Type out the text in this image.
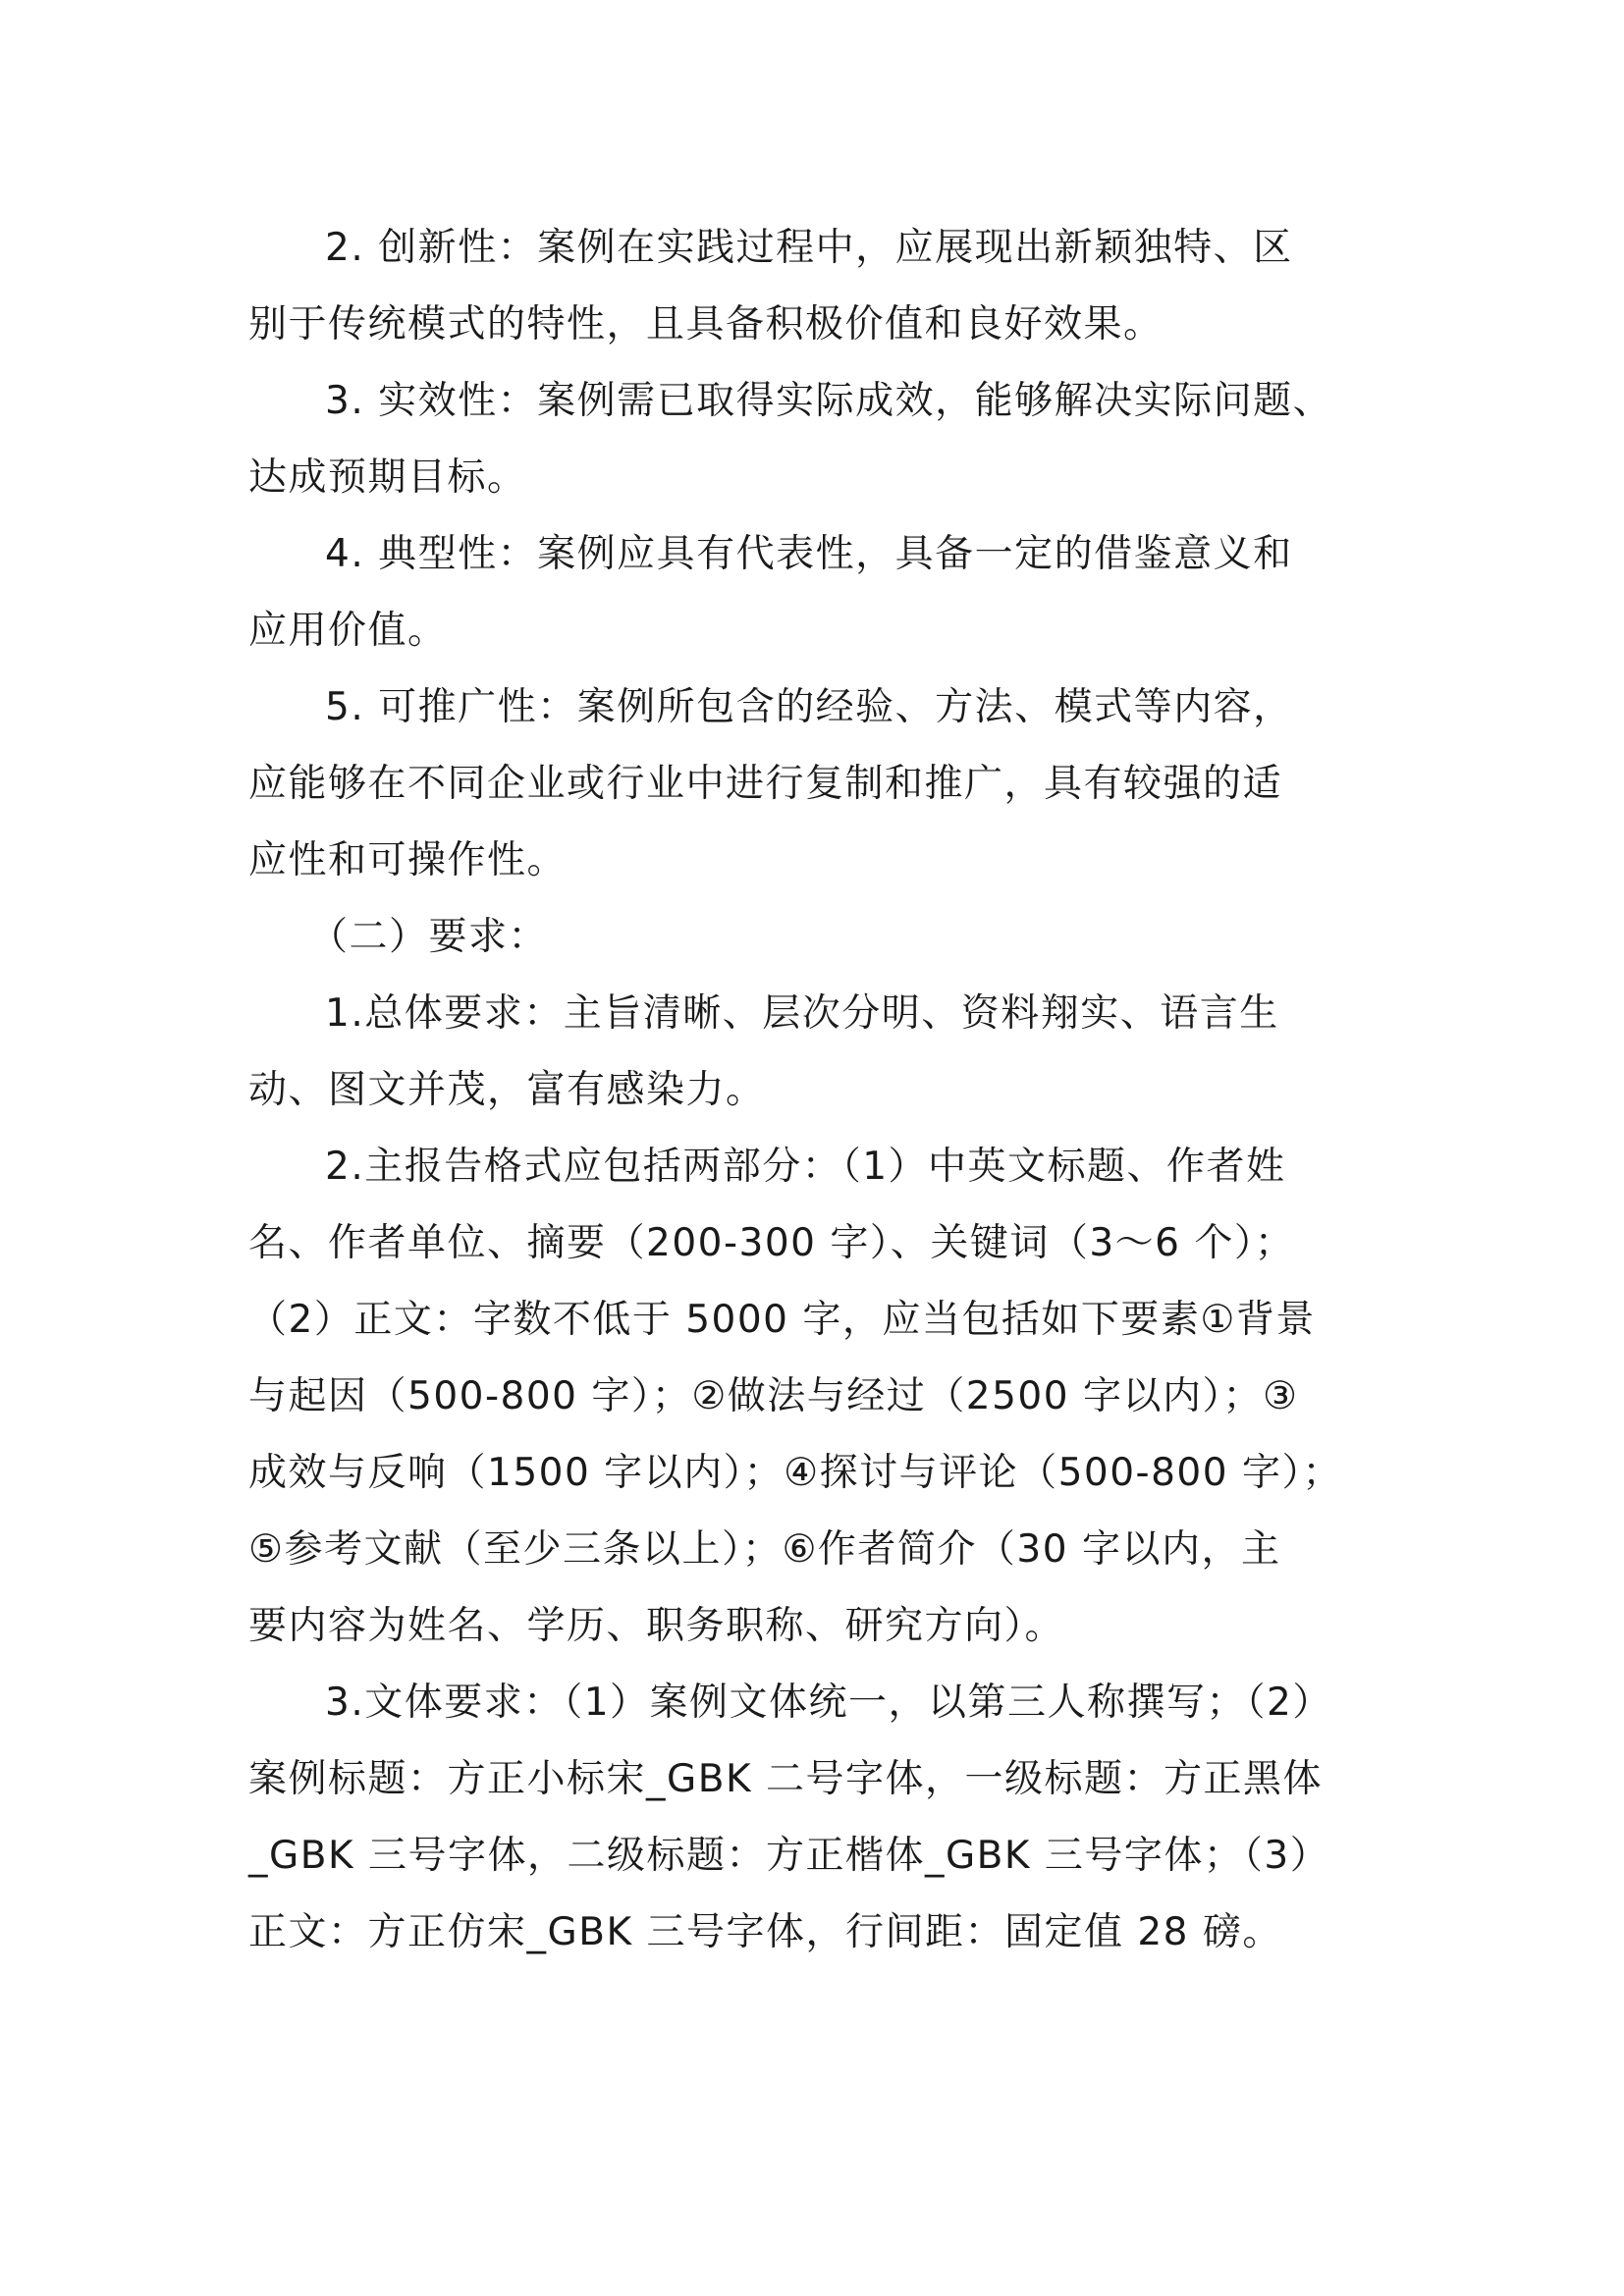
2. 创新性：案例在实践过程中，应展现出新颖独特、区
别于传统模式的特性，且具备积极价值和良好效果。
3. 实效性：案例需已取得实际成效，能够解决实际问题、
达成预期目标。
4. 典型性：案例应具有代表性，具备一定的借鉴意义和
应用价值。
5. 可推广性：案例所包含的经验、方法、模式等内容，
应能够在不同企业或行业中进行复制和推广，具有较强的适
应性和可操作性。
（二）要求：
1.总体要求：主旨清晰、层次分明、资料翔实、语言生
动、图文并茂，富有感染力。
2.主报告格式应包括两部分：（1）中英文标题、作者姓
名、作者单位、摘要（200-300 字）、关键词（3～6 个）；
（2）正文：字数不低于 5000 字，应当包括如下要素①背景
与起因（500-800 字）；②做法与经过（2500 字以内）；③
成效与反响（1500 字以内）；④探讨与评论（500-800 字）；
⑤参考文献（至少三条以上）；⑥作者简介（30 字以内，主
要内容为姓名、学历、职务职称、研究方向）。
3.文体要求：（1）案例文体统一，以第三人称撰写；（2）
案例标题：方正小标宋_GBK 二号字体，一级标题：方正黑体
_GBK 三号字体，二级标题：方正楷体_GBK 三号字体；（3）
正文：方正仿宋_GBK 三号字体，行间距：固定值 28 磅。
